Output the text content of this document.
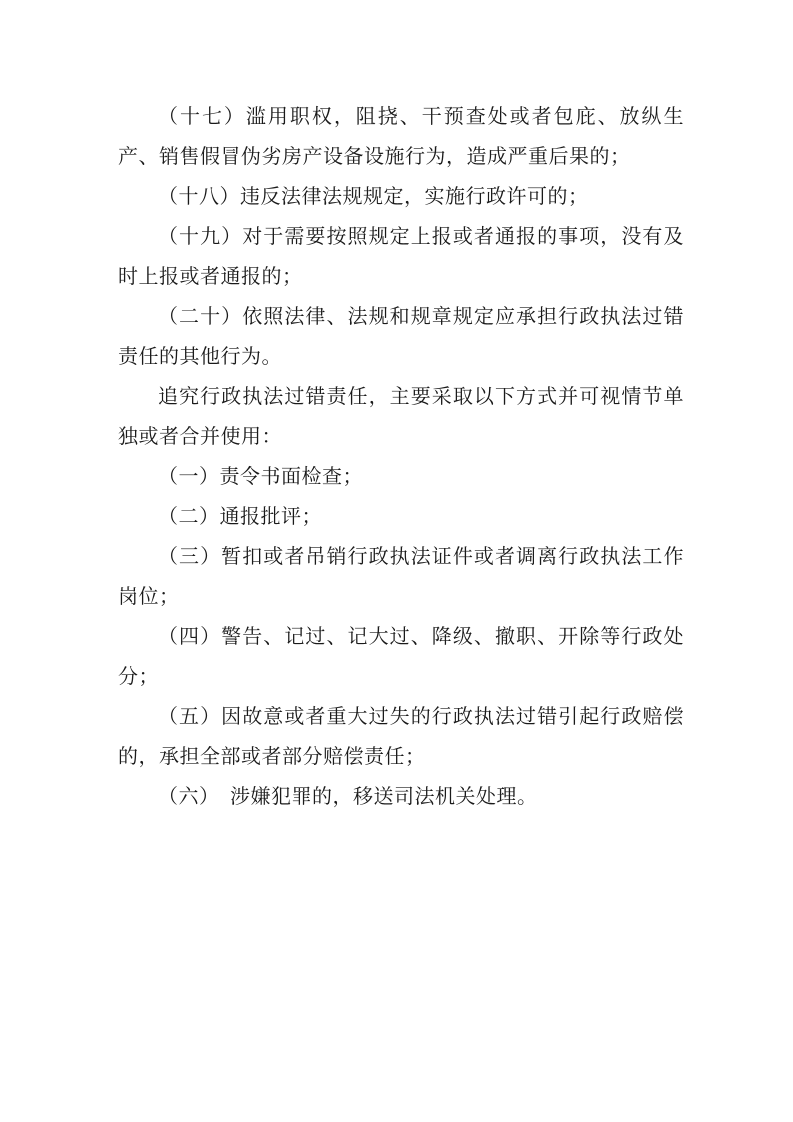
（十七）滥用职权，阻挠、干预查处或者包庇、放纵生产、销售假冒伪劣房产设备设施行为，造成严重后果的；

（十八）违反法律法规规定，实施行政许可的；

（十九）对于需要按照规定上报或者通报的事项，没有及时上报或者通报的；

（二十）依照法律、法规和规章规定应承担行政执法过错责任的其他行为。

追究行政执法过错责任，主要采取以下方式并可视情节单独或者合并使用：

（一）责令书面检查；

（二）通报批评；

（三）暂扣或者吊销行政执法证件或者调离行政执法工作岗位；

（四）警告、记过、记大过、降级、撤职、开除等行政处分；

（五）因故意或者重大过失的行政执法过错引起行政赔偿的，承担全部或者部分赔偿责任；

（六）　涉嫌犯罪的，移送司法机关处理。
